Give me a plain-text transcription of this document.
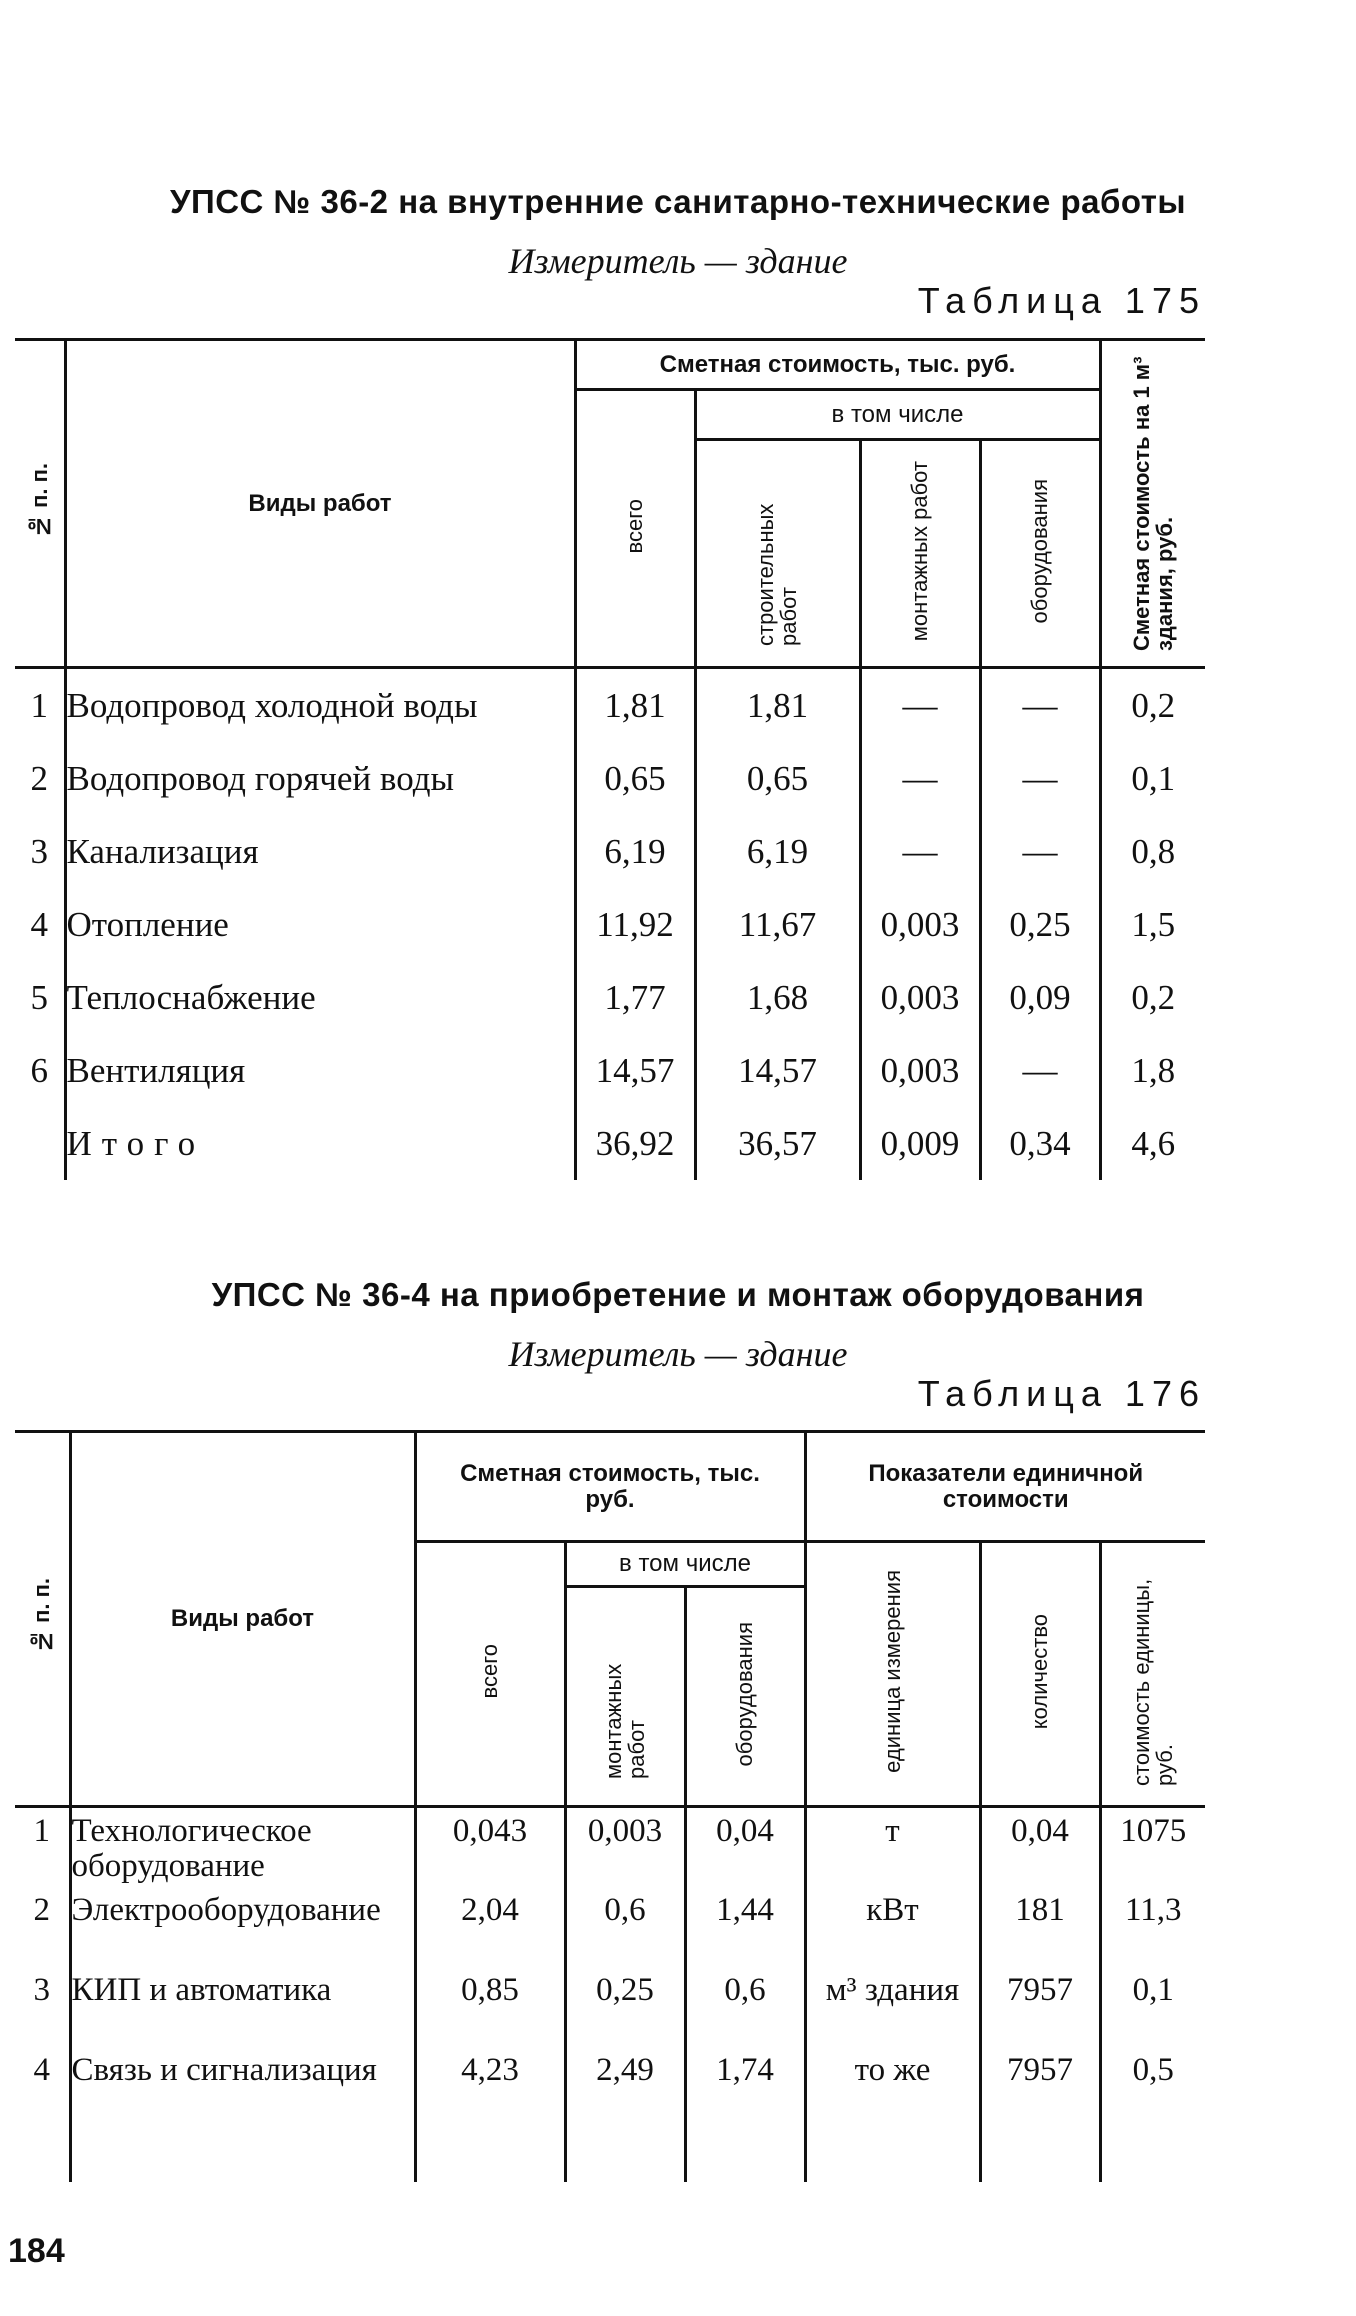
УПСС № 36-2 на внутренние санитарно-технические работы
Измеритель — здание
Таблица 175
№ п. п.	Виды работ	Сметная стоимость, тыс. руб.				Сметная стоимость на 1 м³ здания, руб.
		всего	в том числе			
			строительных работ	монтажных работ	оборудования	
1	Водопровод холодной воды	1,81	1,81	—	—	0,2
2	Водопровод горячей воды	0,65	0,65	—	—	0,1
3	Канализация	6,19	6,19	—	—	0,8
4	Отопление	11,92	11,67	0,003	0,25	1,5
5	Теплоснабжение	1,77	1,68	0,003	0,09	0,2
6	Вентиляция	14,57	14,57	0,003	—	1,8
	Итого	36,92	36,57	0,009	0,34	4,6
УПСС № 36-4 на приобретение и монтаж оборудования
Измеритель — здание
Таблица 176
№ п. п.	Виды работ	Сметная стоимость, тыс. руб.			Показатели единичной стоимости		
		всего	в том числе		единица измерения	количество	стоимость единицы, руб.
			монтажных работ	оборудования			
1	Технологическое оборудование	0,043	0,003	0,04	т	0,04	1075
2	Электрооборудование	2,04	0,6	1,44	кВт	181	11,3
3	КИП и автоматика	0,85	0,25	0,6	м³ здания	7957	0,1
4	Связь и сигнализация	4,23	2,49	1,74	то же	7957	0,5
184
